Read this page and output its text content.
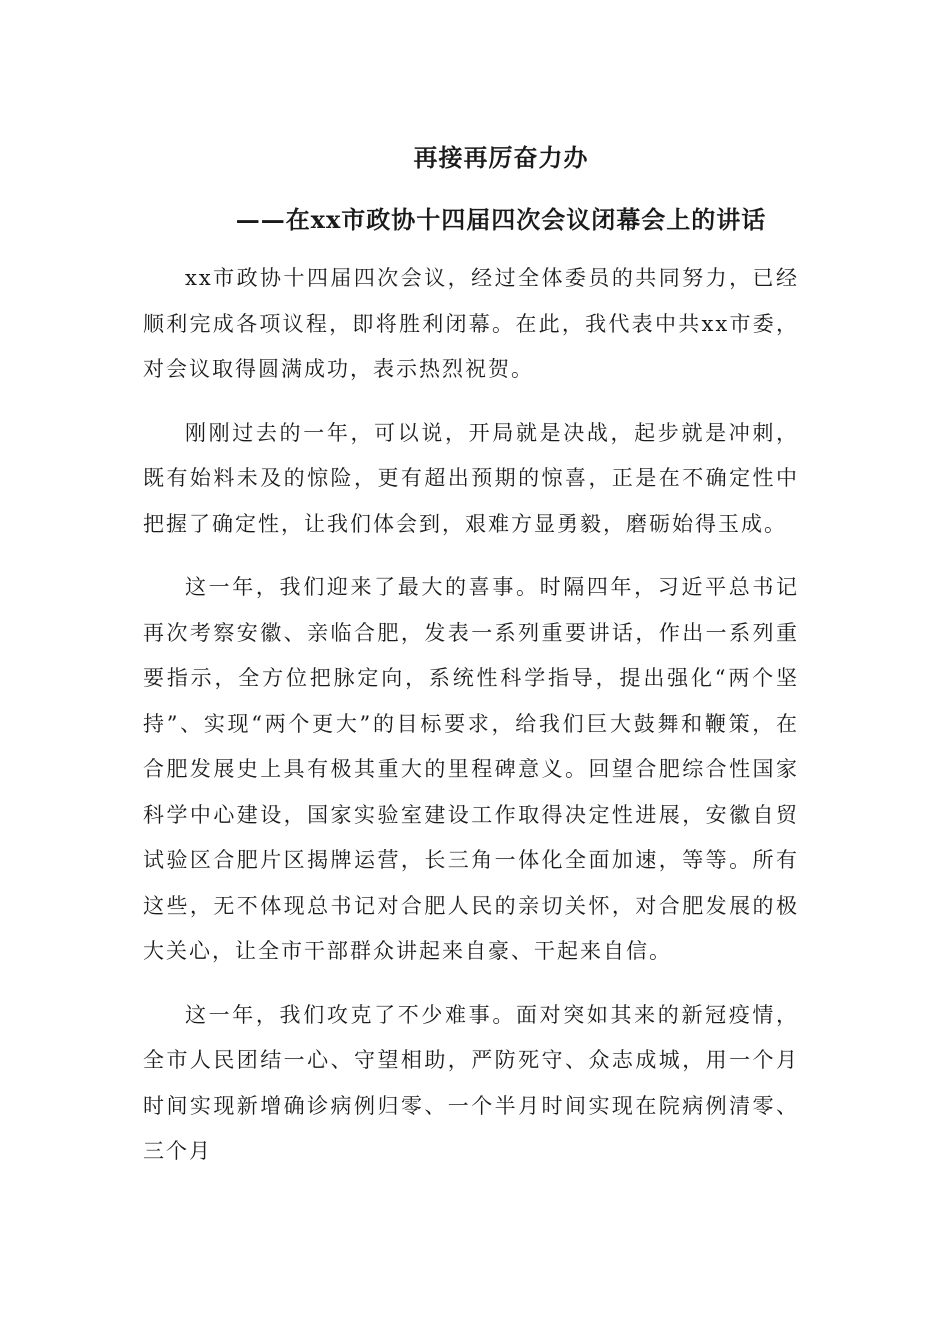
再接再厉奋力办
——在xx市政协十四届四次会议闭幕会上的讲话

xx市政协十四届四次会议，经过全体委员的共同努力，已经顺利完成各项议程，即将胜利闭幕。在此，我代表中共xx市委，对会议取得圆满成功，表示热烈祝贺。

刚刚过去的一年，可以说，开局就是决战，起步就是冲刺，既有始料未及的惊险，更有超出预期的惊喜，正是在不确定性中把握了确定性，让我们体会到，艰难方显勇毅，磨砺始得玉成。

这一年，我们迎来了最大的喜事。时隔四年，习近平总书记再次考察安徽、亲临合肥，发表一系列重要讲话，作出一系列重要指示，全方位把脉定向，系统性科学指导，提出强化“两个坚持”、实现“两个更大”的目标要求，给我们巨大鼓舞和鞭策，在合肥发展史上具有极其重大的里程碑意义。回望合肥综合性国家科学中心建设，国家实验室建设工作取得决定性进展，安徽自贸试验区合肥片区揭牌运营，长三角一体化全面加速，等等。所有这些，无不体现总书记对合肥人民的亲切关怀，对合肥发展的极大关心，让全市干部群众讲起来自豪、干起来自信。

这一年，我们攻克了不少难事。面对突如其来的新冠疫情，全市人民团结一心、守望相助，严防死守、众志成城，用一个月时间实现新增确诊病例归零、一个半月时间实现在院病例清零、三个月
